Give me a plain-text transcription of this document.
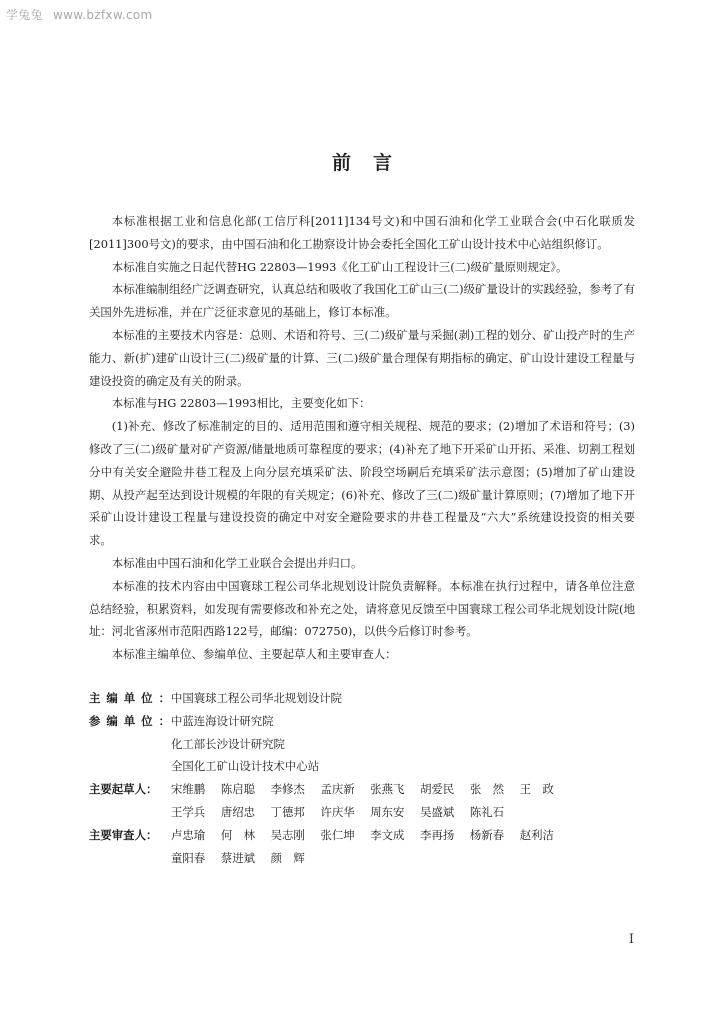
学兔兔 www.bzfxw.com
前言

本标准根据工业和信息化部(工信厅科[2011]134号文)和中国石油和化学工业联合会(中石化联质发[2011]300号文)的要求，由中国石油和化工勘察设计协会委托全国化工矿山设计技术中心站组织修订。

本标准自实施之日起代替HG 22803—1993《化工矿山工程设计三(二)级矿量原则规定》。

本标准编制组经广泛调查研究，认真总结和吸收了我国化工矿山三(二)级矿量设计的实践经验，参考了有关国外先进标准，并在广泛征求意见的基础上，修订本标准。

本标准的主要技术内容是：总则、术语和符号、三(二)级矿量与采掘(剥)工程的划分、矿山投产时的生产能力、新(扩)建矿山设计三(二)级矿量的计算、三(二)级矿量合理保有期指标的确定、矿山设计建设工程量与建设投资的确定及有关的附录。

本标准与HG 22803—1993相比，主要变化如下：

(1)补充、修改了标准制定的目的、适用范围和遵守相关规程、规范的要求；(2)增加了术语和符号；(3)修改了三(二)级矿量对矿产资源/储量地质可靠程度的要求；(4)补充了地下开采矿山开拓、采准、切割工程划分中有关安全避险井巷工程及上向分层充填采矿法、阶段空场嗣后充填采矿法示意图；(5)增加了矿山建设期、从投产起至达到设计规模的年限的有关规定；(6)补充、修改了三(二)级矿量计算原则；(7)增加了地下开采矿山设计建设工程量与建设投资的确定中对安全避险要求的井巷工程量及“六大”系统建设投资的相关要求。

本标准由中国石油和化学工业联合会提出并归口。

本标准的技术内容由中国寰球工程公司华北规划设计院负责解释。本标准在执行过程中，请各单位注意总结经验，积累资料，如发现有需要修改和补充之处，请将意见反馈至中国寰球工程公司华北规划设计院(地址：河北省涿州市范阳西路122号，邮编：072750)，以供今后修订时参考。

本标准主编单位、参编单位、主要起草人和主要审查人：

主编单位：
中国寰球工程公司华北规划设计院
参编单位：
中蓝连海设计研究院
化工部长沙设计研究院
全国化工矿山设计技术中心站
主要起草人：	宋维鹏 陈启聪 李修杰 孟庆新 张燕飞 胡爱民 张　然 王　政
王学兵 唐绍忠 丁德邦 许庆华 周东安 吴盛斌 陈礼石
主要审查人：	卢忠瑜 何　林 吴志刚 张仁坤 李文成 李再扬 杨新春 赵利洁
童阳春 蔡进斌 颜　辉
I
